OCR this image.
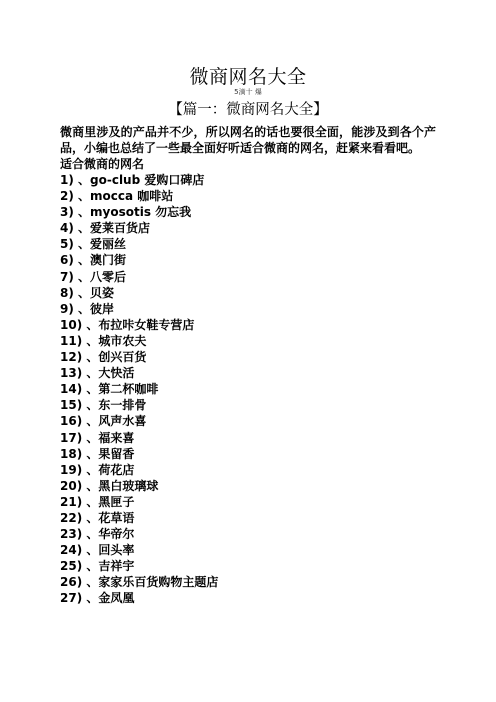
微商网名大全
5滴十 爆
【篇一：微商网名大全】

微商里涉及的产品并不少，所以网名的话也要很全面，能涉及到各个产品，小编也总结了一些最全面好听适合微商的网名，赶紧来看看吧。

适合微商的网名

1) 、go-club 爱购口碑店
2) 、mocca 咖啡站
3) 、myosotis 勿忘我
4) 、爱莱百货店
5) 、爱丽丝
6) 、澳门街
7) 、八零后
8) 、贝姿
9) 、彼岸
10) 、布拉咔女鞋专营店
11) 、城市农夫
12) 、创兴百货
13) 、大快活
14) 、第二杯咖啡
15) 、东一排骨
16) 、风声水喜
17) 、福来喜
18) 、果留香
19) 、荷花店
20) 、黑白玻璃球
21) 、黑匣子
22) 、花草语
23) 、华帝尔
24) 、回头率
25) 、吉祥宇
26) 、家家乐百货购物主题店
27) 、金凤凰
